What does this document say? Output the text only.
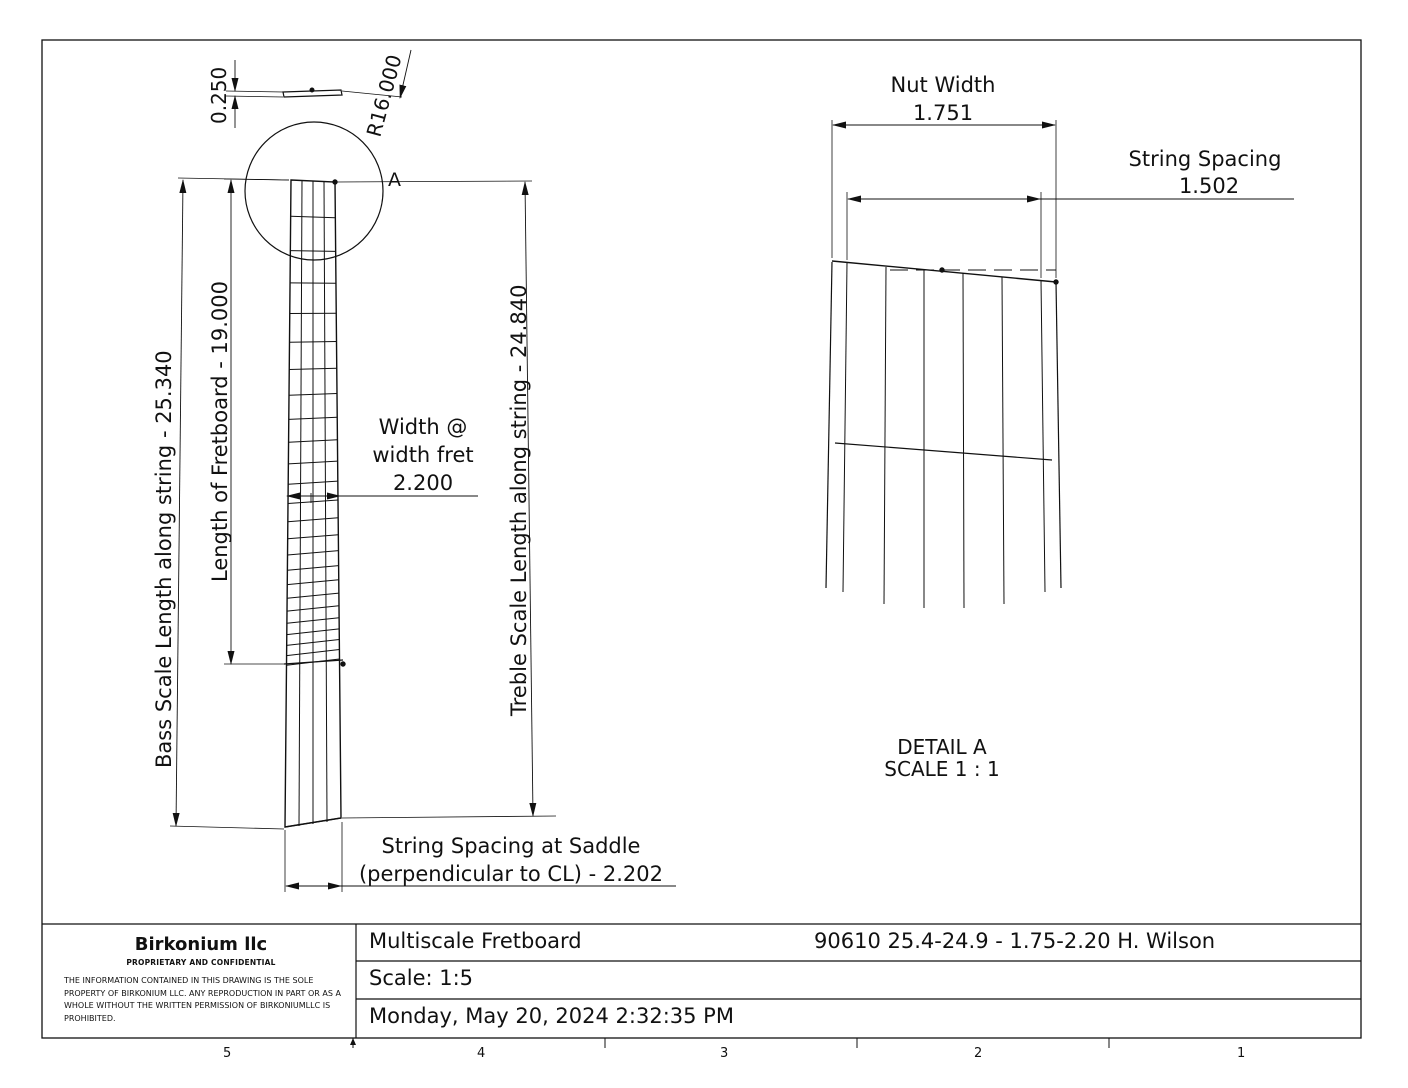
A
0.250	R16.000
Bass Scale Length along string - 25.340 Length of Fretboard - 19.000	Treble Scale Length along string - 24.840
Width @
width fret
2.200
String Spacing at Saddle
(perpendicular to CL) - 2.202
Nut Width
1.751
String Spacing
1.502
DETAIL A
SCALE 1 : 1
Birkonium llc
PROPRIETARY AND CONFIDENTIAL
THE INFORMATION CONTAINED IN THIS DRAWING IS THE SOLE PROPERTY OF BIRKONIUM LLC. ANY REPRODUCTION IN PART OR AS A WHOLE WITHOUT THE WRITTEN PERMISSION OF BIRKONIUMLLC IS PROHIBITED.
Multiscale Fretboard	90610 25.4-24.9 - 1.75-2.20 H. Wilson
Scale: 1:5
Monday, May 20, 2024 2:32:35 PM
5	4	3	2	1
